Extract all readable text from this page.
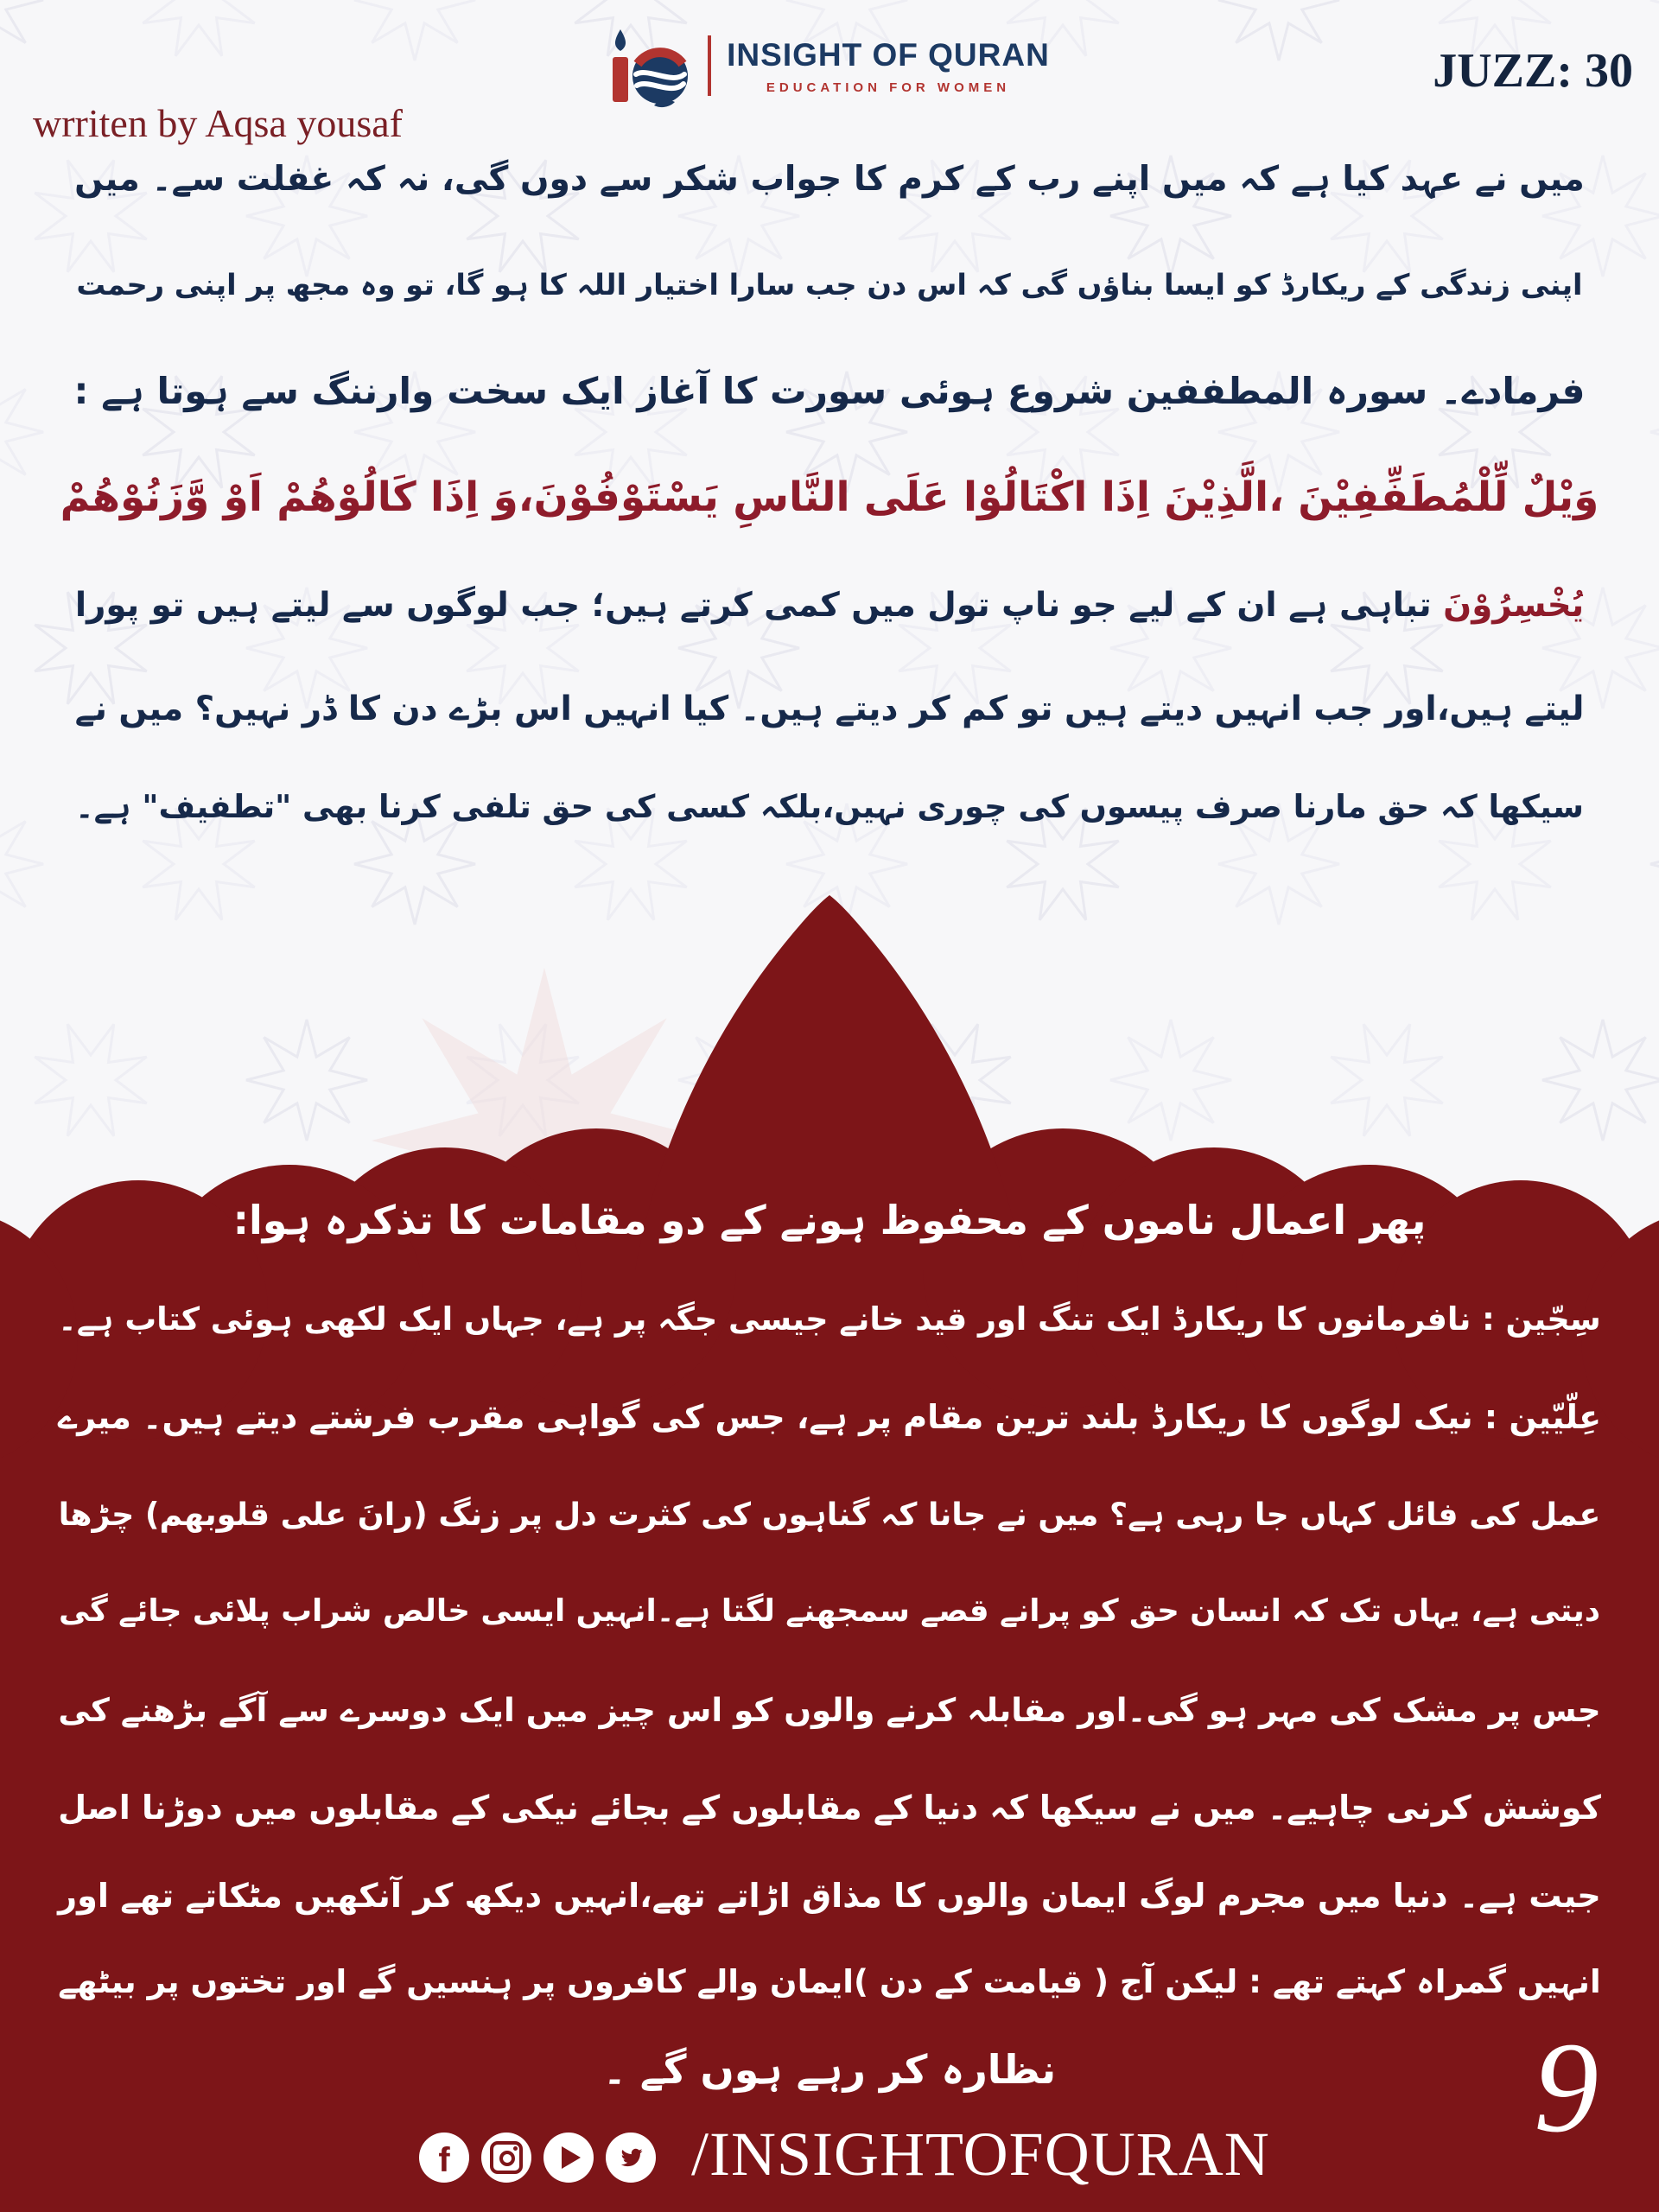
wrriten by Aqsa yousaf
INSIGHT OF QURAN
EDUCATION FOR WOMEN	JUZZ: 30
میں نے عہد کیا ہے کہ میں اپنے رب کے کرم کا جواب شکر سے دوں گی، نہ کہ غفلت سے۔ میں
اپنی زندگی کے ریکارڈ کو ایسا بناؤں گی کہ اس دن جب سارا اختیار اللہ کا ہو گا، تو وہ مجھ پر اپنی رحمت
فرمادے۔ سورہ المطففین شروع ہوئی سورت کا آغاز ایک سخت وارننگ سے ہوتا ہے :
وَیْلٌ لِّلْمُطَفِّفِیْنَ ،الَّذِیْنَ اِذَا اکْتَالُوْا عَلَی النَّاسِ یَسْتَوْفُوْنَ،وَ اِذَا کَالُوْھُمْ اَوْ وَّزَنُوْھُمْ
یُخْسِرُوْنَ تباہی ہے ان کے لیے جو ناپ تول میں کمی کرتے ہیں؛ جب لوگوں سے لیتے ہیں تو پورا
لیتے ہیں،اور جب انہیں دیتے ہیں تو کم کر دیتے ہیں۔ کیا انہیں اس بڑے دن کا ڈر نہیں؟ میں نے
سیکھا کہ حق مارنا صرف پیسوں کی چوری نہیں،بلکہ کسی کی حق تلفی کرنا بھی "تطفیف" ہے۔
پھر اعمال ناموں کے محفوظ ہونے کے دو مقامات کا تذکرہ ہوا:
سِجّین : نافرمانوں کا ریکارڈ ایک تنگ اور قید خانے جیسی جگہ پر ہے، جہاں ایک لکھی ہوئی کتاب ہے۔
عِلّیّین : نیک لوگوں کا ریکارڈ بلند ترین مقام پر ہے، جس کی گواہی مقرب فرشتے دیتے ہیں۔ میرے
عمل کی فائل کہاں جا رہی ہے؟ میں نے جانا کہ گناہوں کی کثرت دل پر زنگ (رانَ علی قلوبھم) چڑھا
دیتی ہے، یہاں تک کہ انسان حق کو پرانے قصے سمجھنے لگتا ہے۔انہیں ایسی خالص شراب پلائی جائے گی
جس پر مشک کی مہر ہو گی۔اور مقابلہ کرنے والوں کو اس چیز میں ایک دوسرے سے آگے بڑھنے کی
کوشش کرنی چاہیے۔ میں نے سیکھا کہ دنیا کے مقابلوں کے بجائے نیکی کے مقابلوں میں دوڑنا اصل
جیت ہے۔ دنیا میں مجرم لوگ ایمان والوں کا مذاق اڑاتے تھے،انہیں دیکھ کر آنکھیں مٹکاتے تھے اور
انہیں گمراہ کہتے تھے : لیکن آج ( قیامت کے دن )ایمان والے کافروں پر ہنسیں گے اور تختوں پر بیٹھے
نظارہ کر رہے ہوں گے ۔
f	/INSIGHTOFQURAN 9
